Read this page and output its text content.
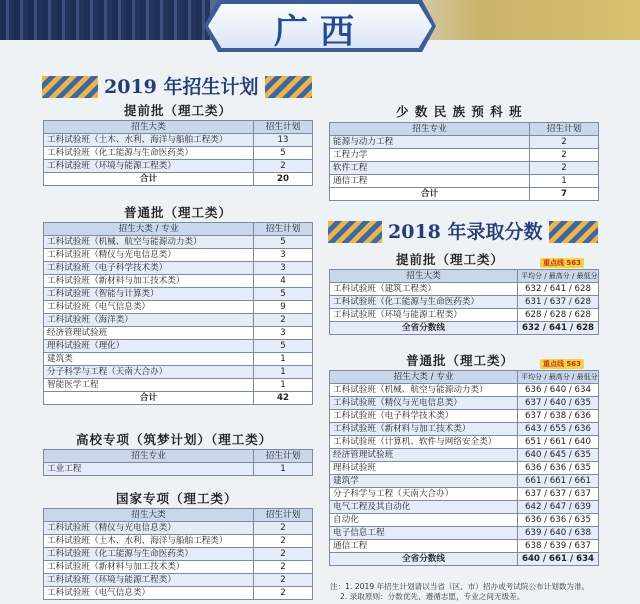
广西
2019 年招生计划
提前批（理工类）
招生大类	招生计划
工科试验班（土木、水利、海洋与船舶工程类）	13
工科试验班（化工能源与生命医药类）	5
工科试验班（环境与能源工程类）	2
合计	20
普通批（理工类）
招生大类 / 专业	招生计划
工科试验班（机械、航空与能源动力类）	5
工科试验班（精仪与光电信息类）	3
工科试验班（电子科学技术类）	3
工科试验班（新材料与加工技术类）	4
工科试验班（智能与计算类）	5
工科试验班（电气信息类）	9
工科试验班（海洋类）	2
经济管理试验班	3
理科试验班（理化）	5
建筑类	1
分子科学与工程（天南大合办）	1
智能医学工程	1
合计	42
高校专项（筑梦计划）（理工类）
招生专业	招生计划
工业工程	1
国家专项（理工类）
招生大类	招生计划
工科试验班（精仪与光电信息类）	2
工科试验班（土木、水利、海洋与船舶工程类）	2
工科试验班（化工能源与生命医药类）	2
工科试验班（新材料与加工技术类）	2
工科试验班（环境与能源工程类）	2
工科试验班（电气信息类）	2
少 数 民 族 预 科 班
招生专业	招生计划
能源与动力工程	2
工程力学	2
软件工程	2
通信工程	1
合计	7
2018 年录取分数
提前批（理工类）	重点线 563
招生大类	平均分 / 最高分 / 最低分
工科试验班（建筑工程类）	632 / 641 / 628
工科试验班（化工能源与生命医药类）	631 / 637 / 628
工科试验班（环境与能源工程类）	628 / 628 / 628
全省分数线	632 / 641 / 628
普通批（理工类）	重点线 563
招生大类 / 专业	平均分 / 最高分 / 最低分
工科试验班（机械、航空与能源动力类）	636 / 640 / 634
工科试验班（精仪与光电信息类）	637 / 640 / 635
工科试验班（电子科学技术类）	637 / 638 / 636
工科试验班（新材料与加工技术类）	643 / 655 / 636
工科试验班（计算机、软件与网络安全类）	651 / 661 / 640
经济管理试验班	640 / 645 / 635
理科试验班	636 / 636 / 635
建筑学	661 / 661 / 661
分子科学与工程（天南大合办）	637 / 637 / 637
电气工程及其自动化	642 / 647 / 639
自动化	636 / 636 / 635
电子信息工程	639 / 640 / 638
通信工程	638 / 639 / 637
全省分数线	640 / 661 / 634
注：1. 2019 年招生计划请以当省（区、市）招办或考试院公布计划数为准。
2. 录取原则：分数优先、遵循志愿，专业之间无级差。
